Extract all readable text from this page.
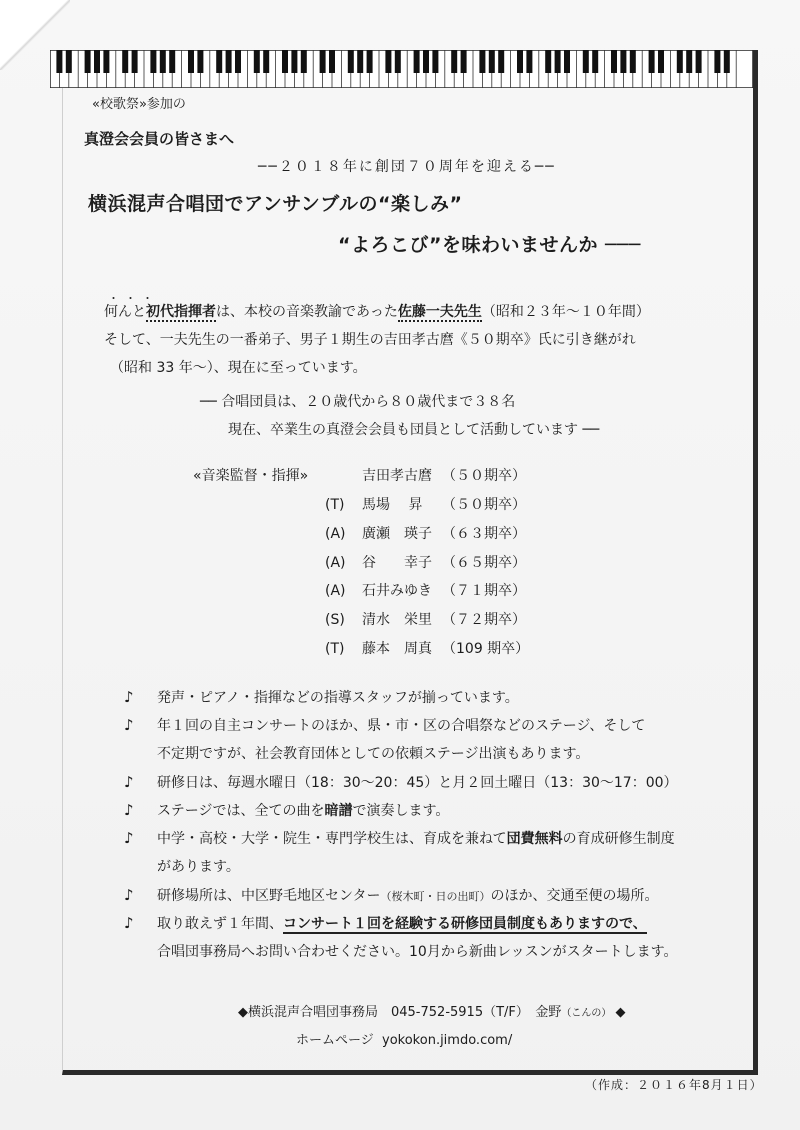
«校歌祭»参加の
真澄会会員の皆さまへ
──２０１８年に創団７０周年を迎える──
横浜混声合唱団でアンサンブルの“楽しみ”
“よろこび”を味わいませんか ───
・・・
何んと初代指揮者は、本校の音楽教諭であった佐藤一夫先生（昭和２３年～１０年間）
そして、一夫先生の一番弟子、男子１期生の吉田孝古麿《５０期卒》氏に引き継がれ
（昭和 33 年～）、現在に至っています。
── 合唱団員は、２０歳代から８０歳代まで３８名
現在、卒業生の真澄会会員も団員として活動しています ──
«音楽監督・指揮»	吉田孝古麿 （５０期卒）
(T) 馬場　 昇 （５０期卒）
(A) 廣瀬　瑛子 （６３期卒）
(A) 谷　　幸子 （６５期卒）
(A) 石井みゆき （７１期卒）
(S) 清水　栄里 （７２期卒）
(T) 藤本　周真 （109 期卒）
♪ 発声・ピアノ・指揮などの指導スタッフが揃っています。
♪ 年１回の自主コンサートのほか、県・市・区の合唱祭などのステージ、そして
不定期ですが、社会教育団体としての依頼ステージ出演もあります。
♪ 研修日は、毎週水曜日（18：30～20：45）と月２回土曜日（13：30～17：00）
♪ ステージでは、全ての曲を暗譜で演奏します。
♪ 中学・高校・大学・院生・専門学校生は、育成を兼ねて団費無料の育成研修生制度
があります。
♪ 研修場所は、中区野毛地区センター（桜木町・日の出町）のほか、交通至便の場所。
♪ 取り敢えず１年間、コンサート１回を経験する研修団員制度もありますので、
合唱団事務局へお問い合わせください。10月から新曲レッスンがスタートします。
◆横浜混声合唱団事務局　045-752-5915（T/F）　金野（こんの） ◆
ホームページ yokokon.jimdo.com/
（作成：２０１６年8月１日）
